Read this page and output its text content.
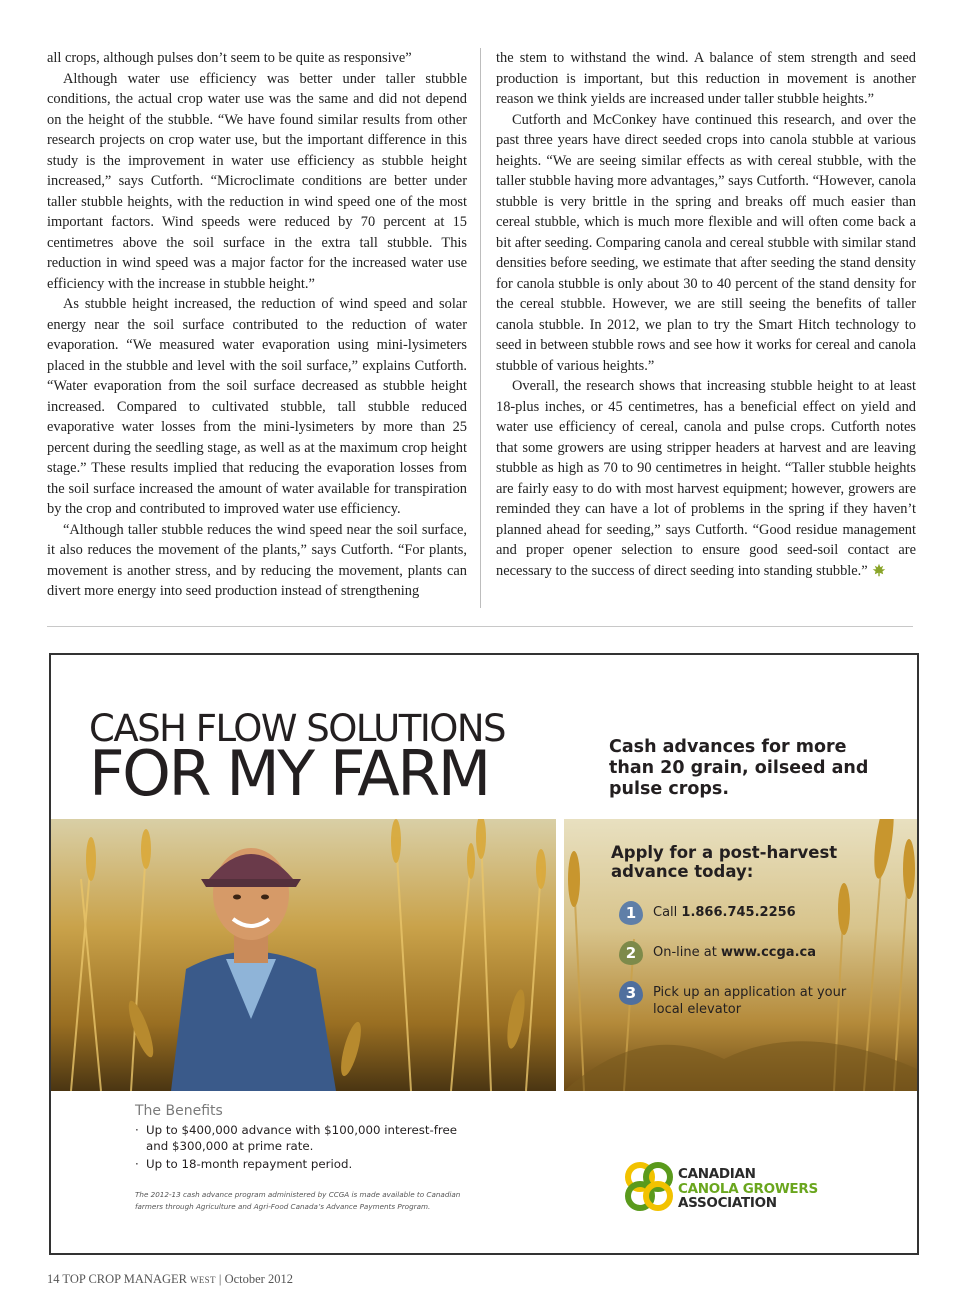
all crops, although pulses don’t seem to be quite as responsive”

Although water use efficiency was better under taller stubble conditions, the actual crop water use was the same and did not depend on the height of the stubble. “We have found similar results from other research projects on crop water use, but the important difference in this study is the improvement in water use efficiency as stubble height increased,” says Cutforth. “Microclimate conditions are better under taller stubble heights, with the reduction in wind speed one of the most important factors. Wind speeds were reduced by 70 percent at 15 centimetres above the soil surface in the extra tall stubble. This reduction in wind speed was a major factor for the increased water use efficiency with the increase in stubble height.”

As stubble height increased, the reduction of wind speed and solar energy near the soil surface contributed to the reduction of water evaporation. “We measured water evaporation using mini-lysimeters placed in the stubble and level with the soil surface,” explains Cutforth. “Water evaporation from the soil surface decreased as stubble height increased. Compared to cultivated stubble, tall stubble reduced evaporative water losses from the mini-lysimeters by more than 25 percent during the seedling stage, as well as at the maximum crop height stage.” These results implied that reducing the evaporation losses from the soil surface increased the amount of water available for transpiration by the crop and contributed to improved water use efficiency.

“Although taller stubble reduces the wind speed near the soil surface, it also reduces the movement of the plants,” says Cutforth. “For plants, movement is another stress, and by reducing the movement, plants can divert more energy into seed production instead of strengthening

the stem to withstand the wind. A balance of stem strength and seed production is important, but this reduction in movement is another reason we think yields are increased under taller stubble heights.”

Cutforth and McConkey have continued this research, and over the past three years have direct seeded crops into canola stubble at various heights. “We are seeing similar effects as with cereal stubble, with the taller stubble having more advantages,” says Cutforth. “However, canola stubble is very brittle in the spring and breaks off much easier than cereal stubble, which is much more flexible and will often come back a bit after seeding. Comparing canola and cereal stubble with similar stand densities before seeding, we estimate that after seeding the stand density for canola stubble is only about 30 to 40 percent of the stand density for the cereal stubble. However, we are still seeing the benefits of taller canola stubble. In 2012, we plan to try the Smart Hitch technology to seed in between stubble rows and see how it works for cereal and canola stubble of various heights.”

Overall, the research shows that increasing stubble height to at least 18-plus inches, or 45 centimetres, has a beneficial effect on yield and water use efficiency of cereal, canola and pulse crops. Cutforth notes that some growers are using stripper headers at harvest and are leaving stubble as high as 70 to 90 centimetres in height. “Taller stubble heights are fairly easy to do with most harvest equipment; however, growers are reminded they can have a lot of problems in the spring if they haven’t planned ahead for seeding,” says Cutforth. “Good residue management and proper opener selection to ensure good seed-soil contact are necessary to the success of direct seeding into standing stubble.”

CASH FLOW SOLUTIONS
FOR MY FARM	Cash advances for more than 20 grain, oilseed and pulse crops.
Apply for a post-harvest advance today:
1	Call 1.866.745.2256
2	On-line at www.ccga.ca
3	Pick up an application at your local elevator
The Benefits
· Up to $400,000 advance with $100,000 interest-free and $300,000 at prime rate.
· Up to 18-month repayment period.
The 2012-13 cash advance program administered by CCGA is made available to Canadian farmers through Agriculture and Agri-Food Canada’s Advance Payments Program.
CANADIAN
CANOLA GROWERS
ASSOCIATION
14 TOP CROP MANAGER WEST | October 2012
